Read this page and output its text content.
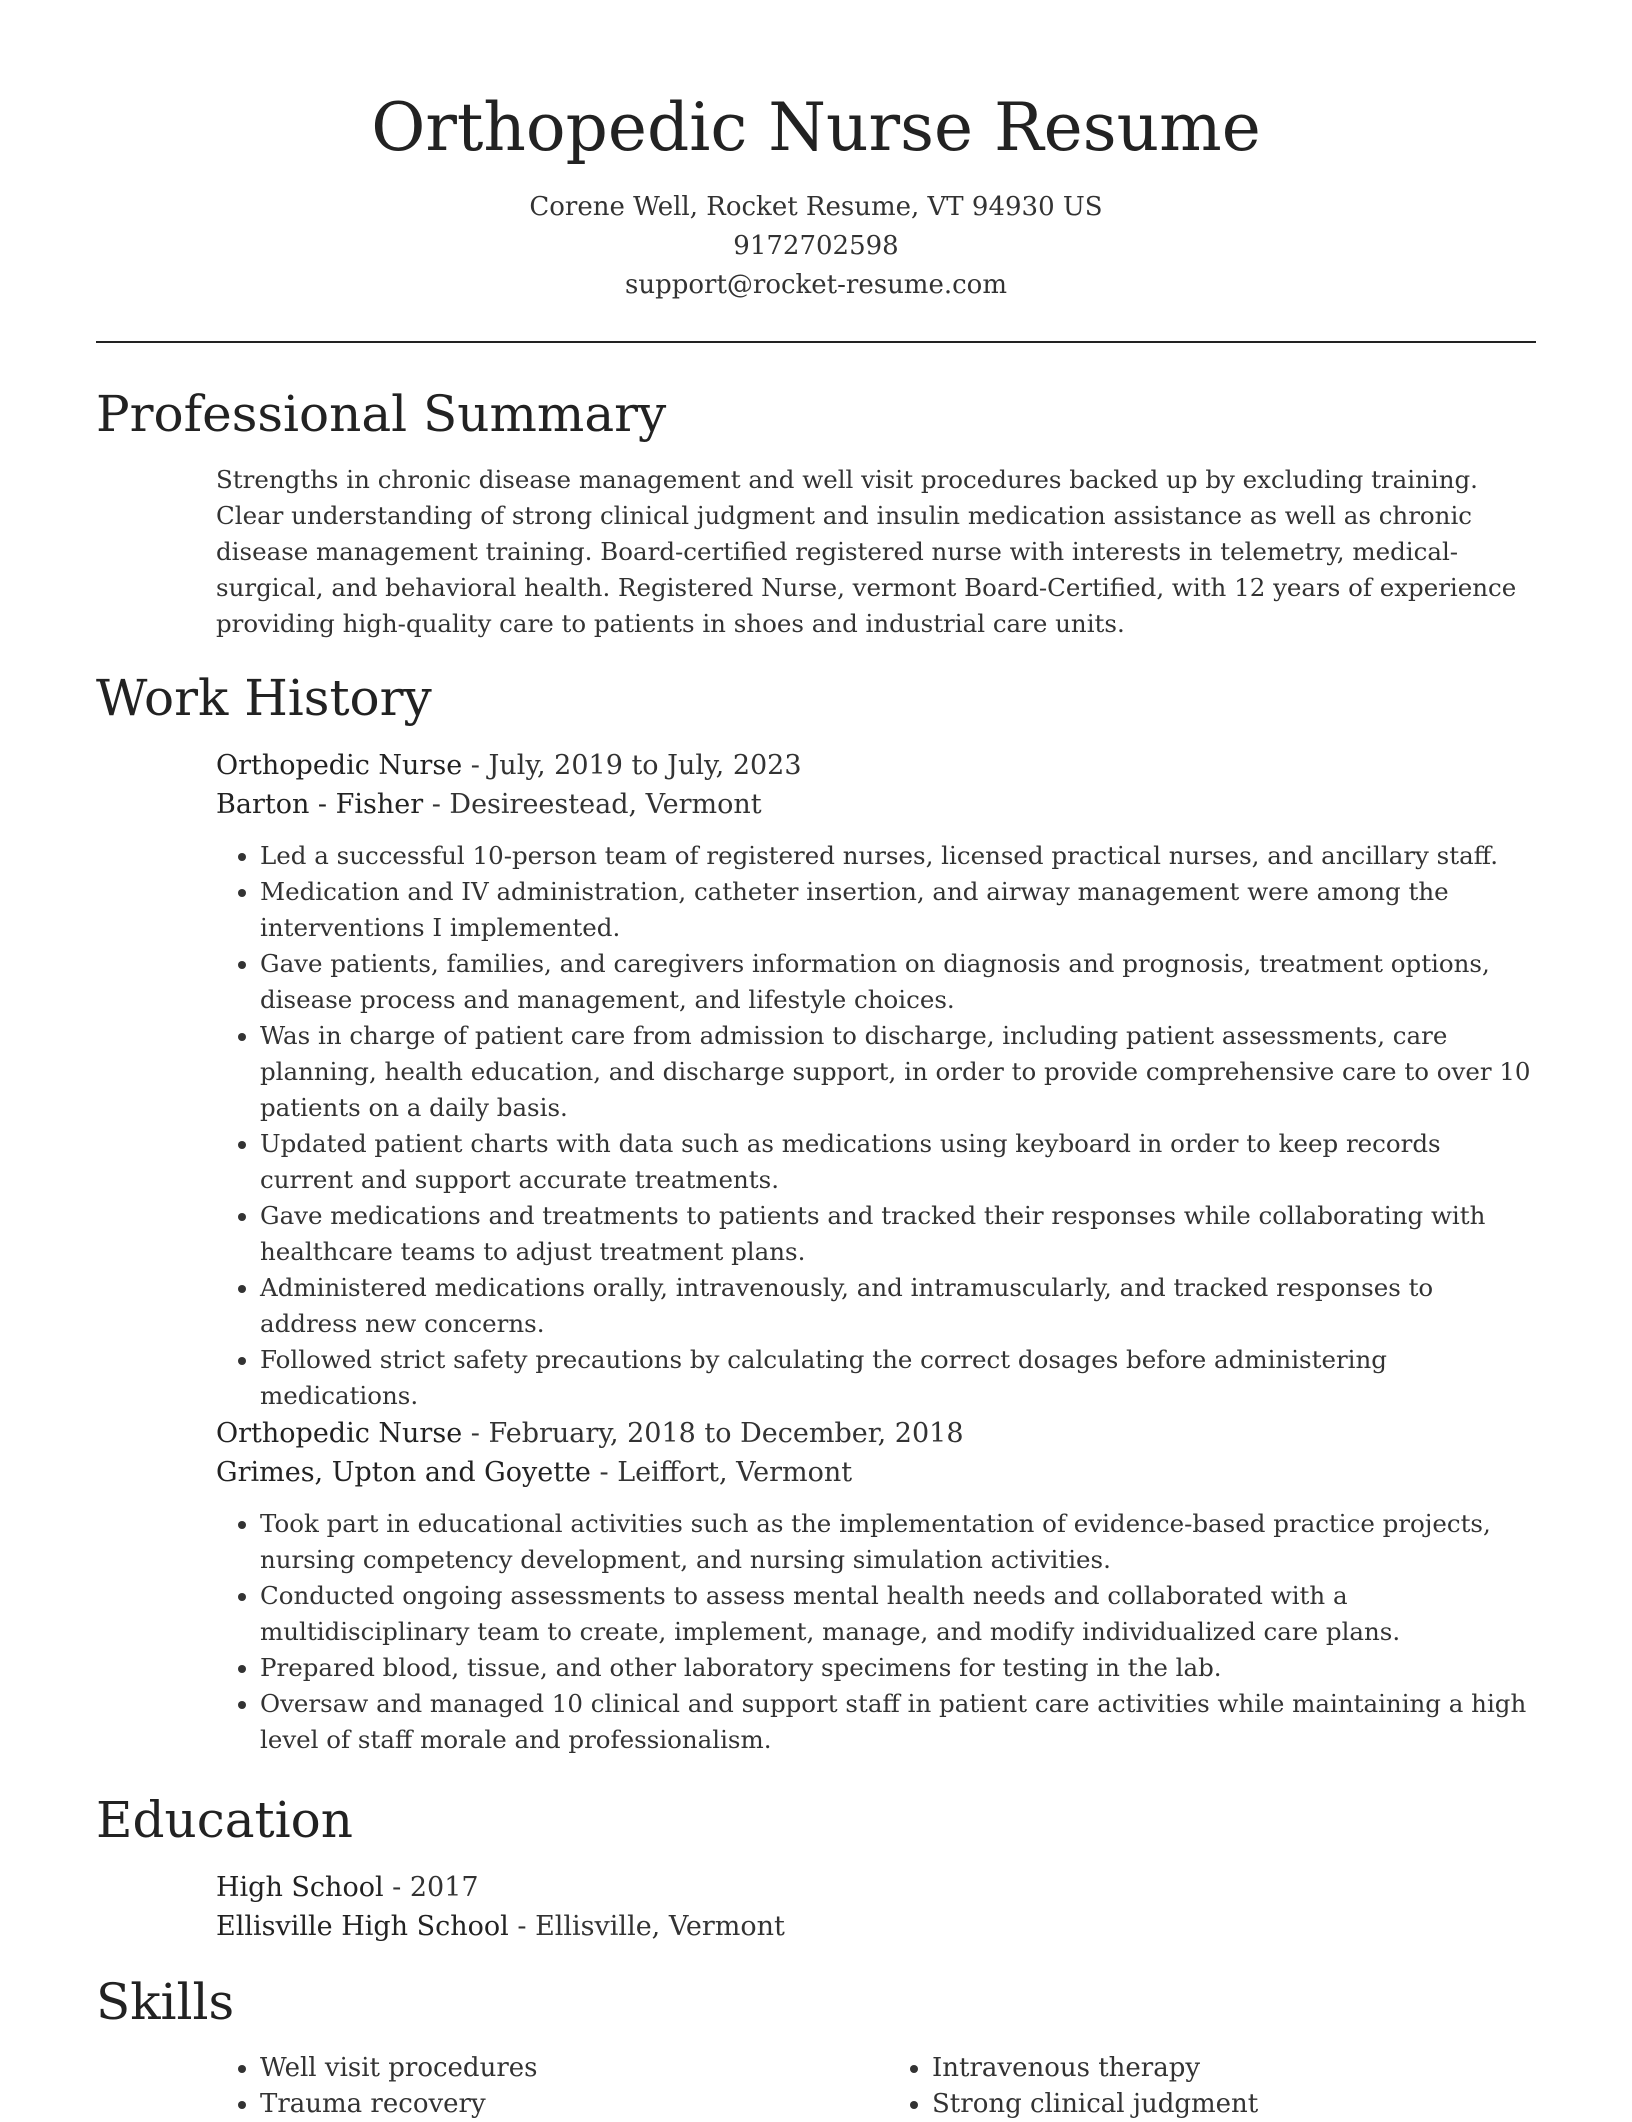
Orthopedic Nurse Resume
Corene Well, Rocket Resume, VT 94930 US
9172702598
support@rocket-resume.com
Professional Summary
Strengths in chronic disease management and well visit procedures backed up by excluding training. Clear understanding of strong clinical judgment and insulin medication assistance as well as chronic disease management training. Board-certified registered nurse with interests in telemetry, medical-surgical, and behavioral health. Registered Nurse, vermont Board-Certified, with 12 years of experience providing high-quality care to patients in shoes and industrial care units.
Work History
Orthopedic Nurse - July, 2019 to July, 2023
Barton - Fisher - Desireestead, Vermont
• Led a successful 10-person team of registered nurses, licensed practical nurses, and ancillary staff.
• Medication and IV administration, catheter insertion, and airway management were among the interventions I implemented.
• Gave patients, families, and caregivers information on diagnosis and prognosis, treatment options, disease process and management, and lifestyle choices.
• Was in charge of patient care from admission to discharge, including patient assessments, care planning, health education, and discharge support, in order to provide comprehensive care to over 10 patients on a daily basis.
• Updated patient charts with data such as medications using keyboard in order to keep records current and support accurate treatments.
• Gave medications and treatments to patients and tracked their responses while collaborating with healthcare teams to adjust treatment plans.
• Administered medications orally, intravenously, and intramuscularly, and tracked responses to address new concerns.
• Followed strict safety precautions by calculating the correct dosages before administering medications.
Orthopedic Nurse - February, 2018 to December, 2018
Grimes, Upton and Goyette - Leiffort, Vermont
• Took part in educational activities such as the implementation of evidence-based practice projects, nursing competency development, and nursing simulation activities.
• Conducted ongoing assessments to assess mental health needs and collaborated with a multidisciplinary team to create, implement, manage, and modify individualized care plans.
• Prepared blood, tissue, and other laboratory specimens for testing in the lab.
• Oversaw and managed 10 clinical and support staff in patient care activities while maintaining a high level of staff morale and professionalism.
Education
High School - 2017
Ellisville High School - Ellisville, Vermont
Skills
• Well visit procedures
• Trauma recovery
• Intravenous therapy
• Strong clinical judgment
